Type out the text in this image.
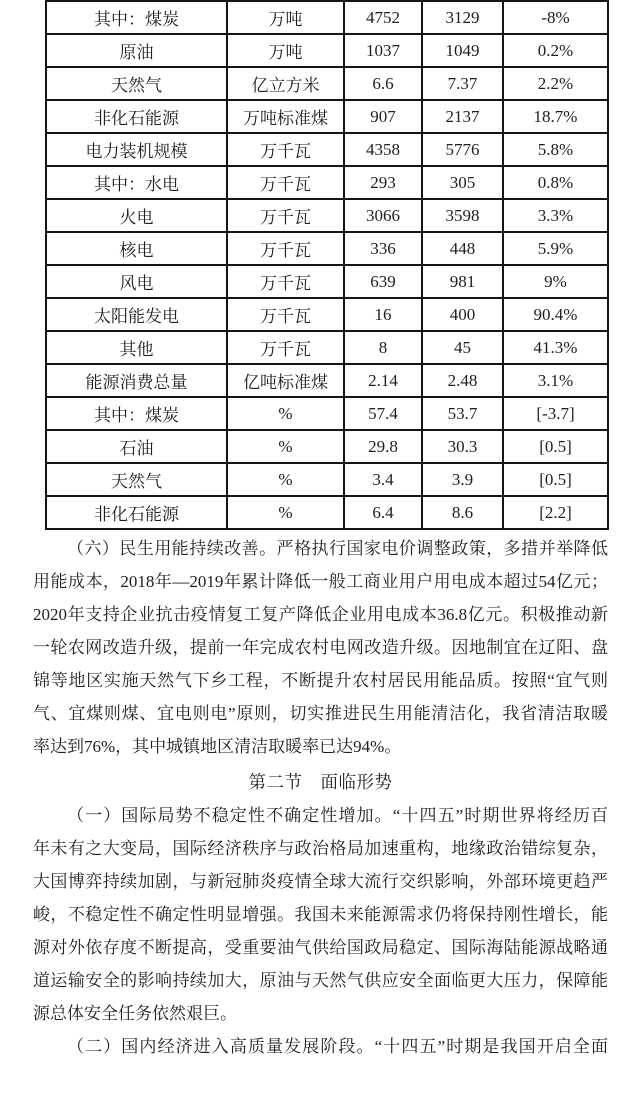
其中：煤炭	万吨	4752	3129	-8%
原油	万吨	1037	1049	0.2%
天然气	亿立方米	6.6	7.37	2.2%
非化石能源	万吨标准煤	907	2137	18.7%
电力装机规模	万千瓦	4358	5776	5.8%
其中：水电	万千瓦	293	305	0.8%
火电	万千瓦	3066	3598	3.3%
核电	万千瓦	336	448	5.9%
风电	万千瓦	639	981	9%
太阳能发电	万千瓦	16	400	90.4%
其他	万千瓦	8	45	41.3%
能源消费总量	亿吨标准煤	2.14	2.48	3.1%
其中：煤炭	%	57.4	53.7	[-3.7]
石油	%	29.8	30.3	[0.5]
天然气	%	3.4	3.9	[0.5]
非化石能源	%	6.4	8.6	[2.2]
（六）民生用能持续改善。严格执行国家电价调整政策，多措并举降低
用能成本，2018年—2019年累计降低一般工商业用户用电成本超过54亿元；
2020年支持企业抗击疫情复工复产降低企业用电成本36.8亿元。积极推动新
一轮农网改造升级，提前一年完成农村电网改造升级。因地制宜在辽阳、盘
锦等地区实施天然气下乡工程，不断提升农村居民用能品质。按照“宜气则
气、宜煤则煤、宜电则电”原则，切实推进民生用能清洁化，我省清洁取暖
率达到76%，其中城镇地区清洁取暖率已达94%。
第二节　面临形势
（一）国际局势不稳定性不确定性增加。“十四五”时期世界将经历百
年未有之大变局，国际经济秩序与政治格局加速重构，地缘政治错综复杂，
大国博弈持续加剧，与新冠肺炎疫情全球大流行交织影响，外部环境更趋严
峻，不稳定性不确定性明显增强。我国未来能源需求仍将保持刚性增长，能
源对外依存度不断提高，受重要油气供给国政局稳定、国际海陆能源战略通
道运输安全的影响持续加大，原油与天然气供应安全面临更大压力，保障能
源总体安全任务依然艰巨。
（二）国内经济进入高质量发展阶段。“十四五”时期是我国开启全面
